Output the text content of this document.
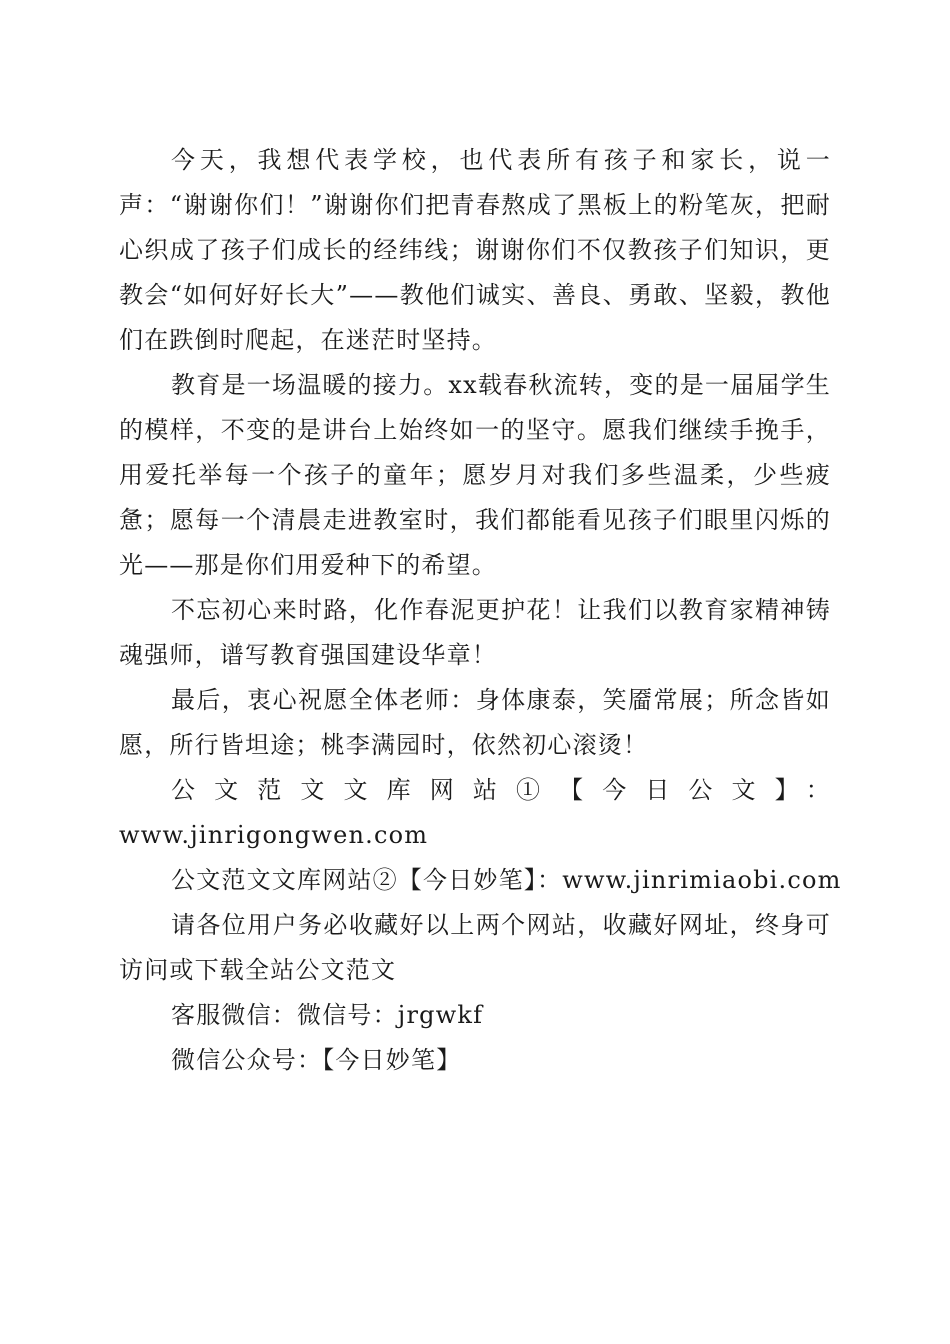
今天，我想代表学校，也代表所有孩子和家长，说一声：“谢谢你们！”谢谢你们把青春熬成了黑板上的粉笔灰，把耐心织成了孩子们成长的经纬线；谢谢你们不仅教孩子们知识，更教会“如何好好长大”——教他们诚实、善良、勇敢、坚毅，教他们在跌倒时爬起，在迷茫时坚持。

教育是一场温暖的接力。xx载春秋流转，变的是一届届学生的模样，不变的是讲台上始终如一的坚守。愿我们继续手挽手，用爱托举每一个孩子的童年；愿岁月对我们多些温柔，少些疲惫；愿每一个清晨走进教室时，我们都能看见孩子们眼里闪烁的光——那是你们用爱种下的希望。

不忘初心来时路，化作春泥更护花！让我们以教育家精神铸魂强师，谱写教育强国建设华章！

最后，衷心祝愿全体老师：身体康泰，笑靥常展；所念皆如愿，所行皆坦途；桃李满园时，依然初心滚烫！

公文范文文库网站①【今日公文】：

www.jinrigongwen.com

公文范文文库网站②【今日妙笔】：www.jinrimiaobi.com

请各位用户务必收藏好以上两个网站，收藏好网址，终身可访问或下载全站公文范文

客服微信：微信号：jrgwkf

微信公众号：【今日妙笔】
